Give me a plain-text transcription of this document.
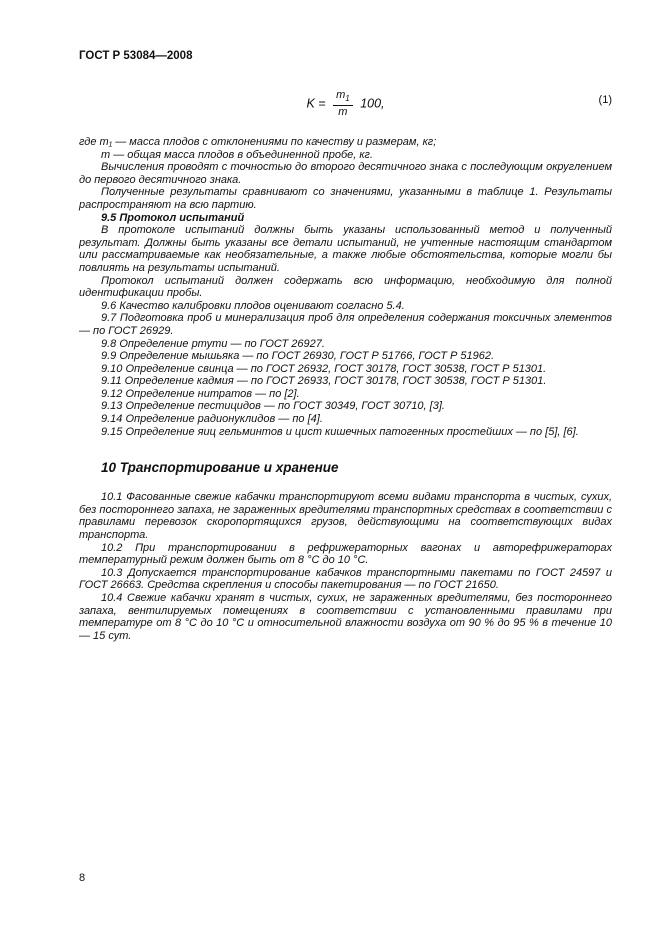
ГОСТ Р 53084—2008
$K = \frac{m_1}{m} 100$,	(1)

где m₁ — масса плодов с отклонениями по качеству и размерам, кг;

m — общая масса плодов в объединенной пробе, кг.

Вычисления проводят с точностью до второго десятичного знака с последующим округлением до первого десятичного знака.

Полученные результаты сравнивают со значениями, указанными в таблице 1. Результаты распространяют на всю партию.

9.5 Протокол испытаний

В протоколе испытаний должны быть указаны использованный метод и полученный результат. Должны быть указаны все детали испытаний, не учтенные настоящим стандартом или рассматриваемые как необязательные, а также любые обстоятельства, которые могли бы повлиять на результаты испытаний.

Протокол испытаний должен содержать всю информацию, необходимую для полной идентификации пробы.

9.6 Качество калибровки плодов оценивают согласно 5.4.

9.7 Подготовка проб и минерализация проб для определения содержания токсичных элементов — по ГОСТ 26929.

9.8 Определение ртути — по ГОСТ 26927.

9.9 Определение мышьяка — по ГОСТ 26930, ГОСТ Р 51766, ГОСТ Р 51962.

9.10 Определение свинца — по ГОСТ 26932, ГОСТ 30178, ГОСТ 30538, ГОСТ Р 51301.

9.11 Определение кадмия — по ГОСТ 26933, ГОСТ 30178, ГОСТ 30538, ГОСТ Р 51301.

9.12 Определение нитратов — по [2].

9.13 Определение пестицидов — по ГОСТ 30349, ГОСТ 30710, [3].

9.14 Определение радионуклидов — по [4].

9.15 Определение яиц гельминтов и цист кишечных патогенных простейших — по [5], [6].

10 Транспортирование и хранение

10.1 Фасованные свежие кабачки транспортируют всеми видами транспорта в чистых, сухих, без постороннего запаха, не зараженных вредителями транспортных средствах в соответствии с правилами перевозок скоропортящихся грузов, действующими на соответствующих видах транспорта.

10.2 При транспортировании в рефрижераторных вагонах и авторефрижераторах температурный режим должен быть от 8 °С до 10 °С.

10.3 Допускается транспортирование кабачков транспортными пакетами по ГОСТ 24597 и ГОСТ 26663. Средства скрепления и способы пакетирования — по ГОСТ 21650.

10.4 Свежие кабачки хранят в чистых, сухих, не зараженных вредителями, без постороннего запаха, вентилируемых помещениях в соответствии с установленными правилами при температуре от 8 °С до 10 °С и относительной влажности воздуха от 90 % до 95 % в течение 10 — 15 сут.

8
